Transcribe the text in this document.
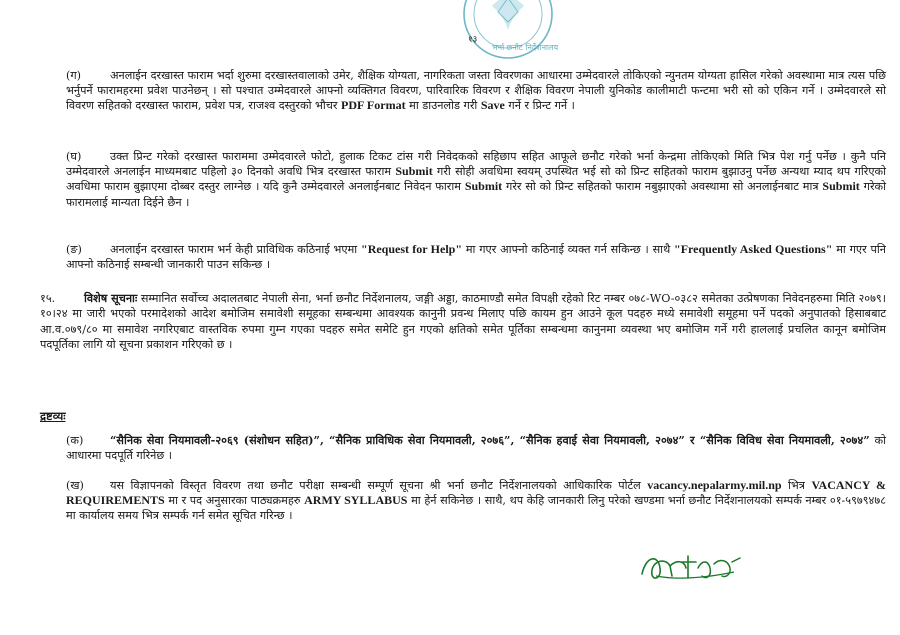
१३
भर्ना छनौट निर्देशनालय
(ग)	अनलाईन दरखास्त फाराम भर्दा शुरुमा दरखास्तवालाको उमेर, शैक्षिक योग्यता, नागरिकता जस्ता विवरणका आधारमा उम्मेदवारले तोकिएको न्युनतम योग्यता हासिल गरेको अवस्थामा मात्र त्यस पछि भर्नुपर्ने फारामहरमा प्रवेश पाउनेछन् । सो पश्चात उम्मेदवारले आफ्नो व्यक्तिगत विवरण, पारिवारिक विवरण र शैक्षिक विवरण नेपाली युनिकोड कालीमाटी फन्टमा भरी सो को एकिन गर्ने । उम्मेदवारले सो विवरण सहितको दरखास्त फाराम, प्रवेश पत्र, राजश्व दस्तुरको भौचर PDF Format मा डाउनलोड गरी Save गर्ने र प्रिन्ट गर्ने ।
(घ)	उक्त प्रिन्ट गरेको दरखास्त फाराममा उम्मेदवारले फोटो, हुलाक टिकट टांस गरी निवेदकको सहिछाप सहित आफूले छनौट गरेको भर्ना केन्द्रमा तोकिएको मिति भित्र पेश गर्नु पर्नेछ । कुनै पनि उम्मेदवारले अनलाईन माध्यमबाट पहिलो ३० दिनको अवधि भित्र दरखास्त फाराम Submit गरी सोही अवधिमा स्वयम् उपस्थित भई सो को प्रिन्ट सहितको फाराम बुझाउनु पर्नेछ अन्यथा म्याद थप गरिएको अवधिमा फाराम बुझाएमा दोब्बर दस्तुर लाग्नेछ । यदि कुनै उम्मेदवारले अनलाईनबाट निवेदन फाराम Submit गरेर सो को प्रिन्ट सहितको फाराम नबुझाएको अवस्थामा सो अनलाईनबाट मात्र Submit गरेको फारामलाई मान्यता दिईने छैन ।
(ङ)	अनलाईन दरखास्त फाराम भर्न केही प्राविधिक कठिनाई भएमा "Request for Help" मा गएर आफ्नो कठिनाई व्यक्त गर्न सकिन्छ । साथै "Frequently Asked Questions" मा गएर पनि आफ्नो कठिनाई सम्बन्धी जानकारी पाउन सकिन्छ ।
१५.	विशेष सूचनाः सम्मानित सर्वोच्च अदालतबाट नेपाली सेना, भर्ना छनौट निर्देशनालय, जङ्गी अड्डा, काठमाण्डौ समेत विपक्षी रहेको रिट नम्बर ०७८-WO-०३८२ समेतका उत्प्रेषणका निवेदनहरुमा मिति २०७९।१०।२४ मा जारी भएको परमादेशको आदेश बमोजिम समावेशी समूहका सम्बन्धमा आवश्यक कानुनी प्रवन्ध मिलाए पछि कायम हुन आउने कूल पदहरु मध्ये समावेशी समूहमा पर्ने पदको अनुपातको हिसाबबाट आ.व.०७९/८० मा समावेश नगरिएबाट वास्तविक रुपमा गुम्न गएका पदहरु समेत समेटि हुन गएको क्षतिको समेत पूर्तिका सम्बन्धमा कानुनमा व्यवस्था भए बमोजिम गर्ने गरी हाललाई प्रचलित कानून बमोजिम पदपूर्तिका लागि यो सूचना प्रकाशन गरिएको छ ।
द्रष्टव्यः
(क) “सैनिक सेवा नियमावली-२०६९ (संशोधन सहित)”, “सैनिक प्राविधिक सेवा नियमावली, २०७६”, “सैनिक हवाई सेवा नियमावली, २०७४” र “सैनिक विविध सेवा नियमावली, २०७४” को आधारमा पदपूर्ति गरिनेछ ।
(ख) यस विज्ञापनको विस्तृत विवरण तथा छनौट परीक्षा सम्बन्धी सम्पूर्ण सूचना श्री भर्ना छनौट निर्देशनालयको आधिकारिक पोर्टल vacancy.nepalarmy.mil.np भित्र VACANCY & REQUIREMENTS मा र पद अनुसारका पाठ्यक्रमहरु ARMY SYLLABUS मा हेर्न सकिनेछ । साथै, थप केहि जानकारी लिनु परेको खण्डमा भर्ना छनौट निर्देशनालयको सम्पर्क नम्बर ०१-५९७९४७८ मा कार्यालय समय भित्र सम्पर्क गर्न समेत सूचित गरिन्छ ।
